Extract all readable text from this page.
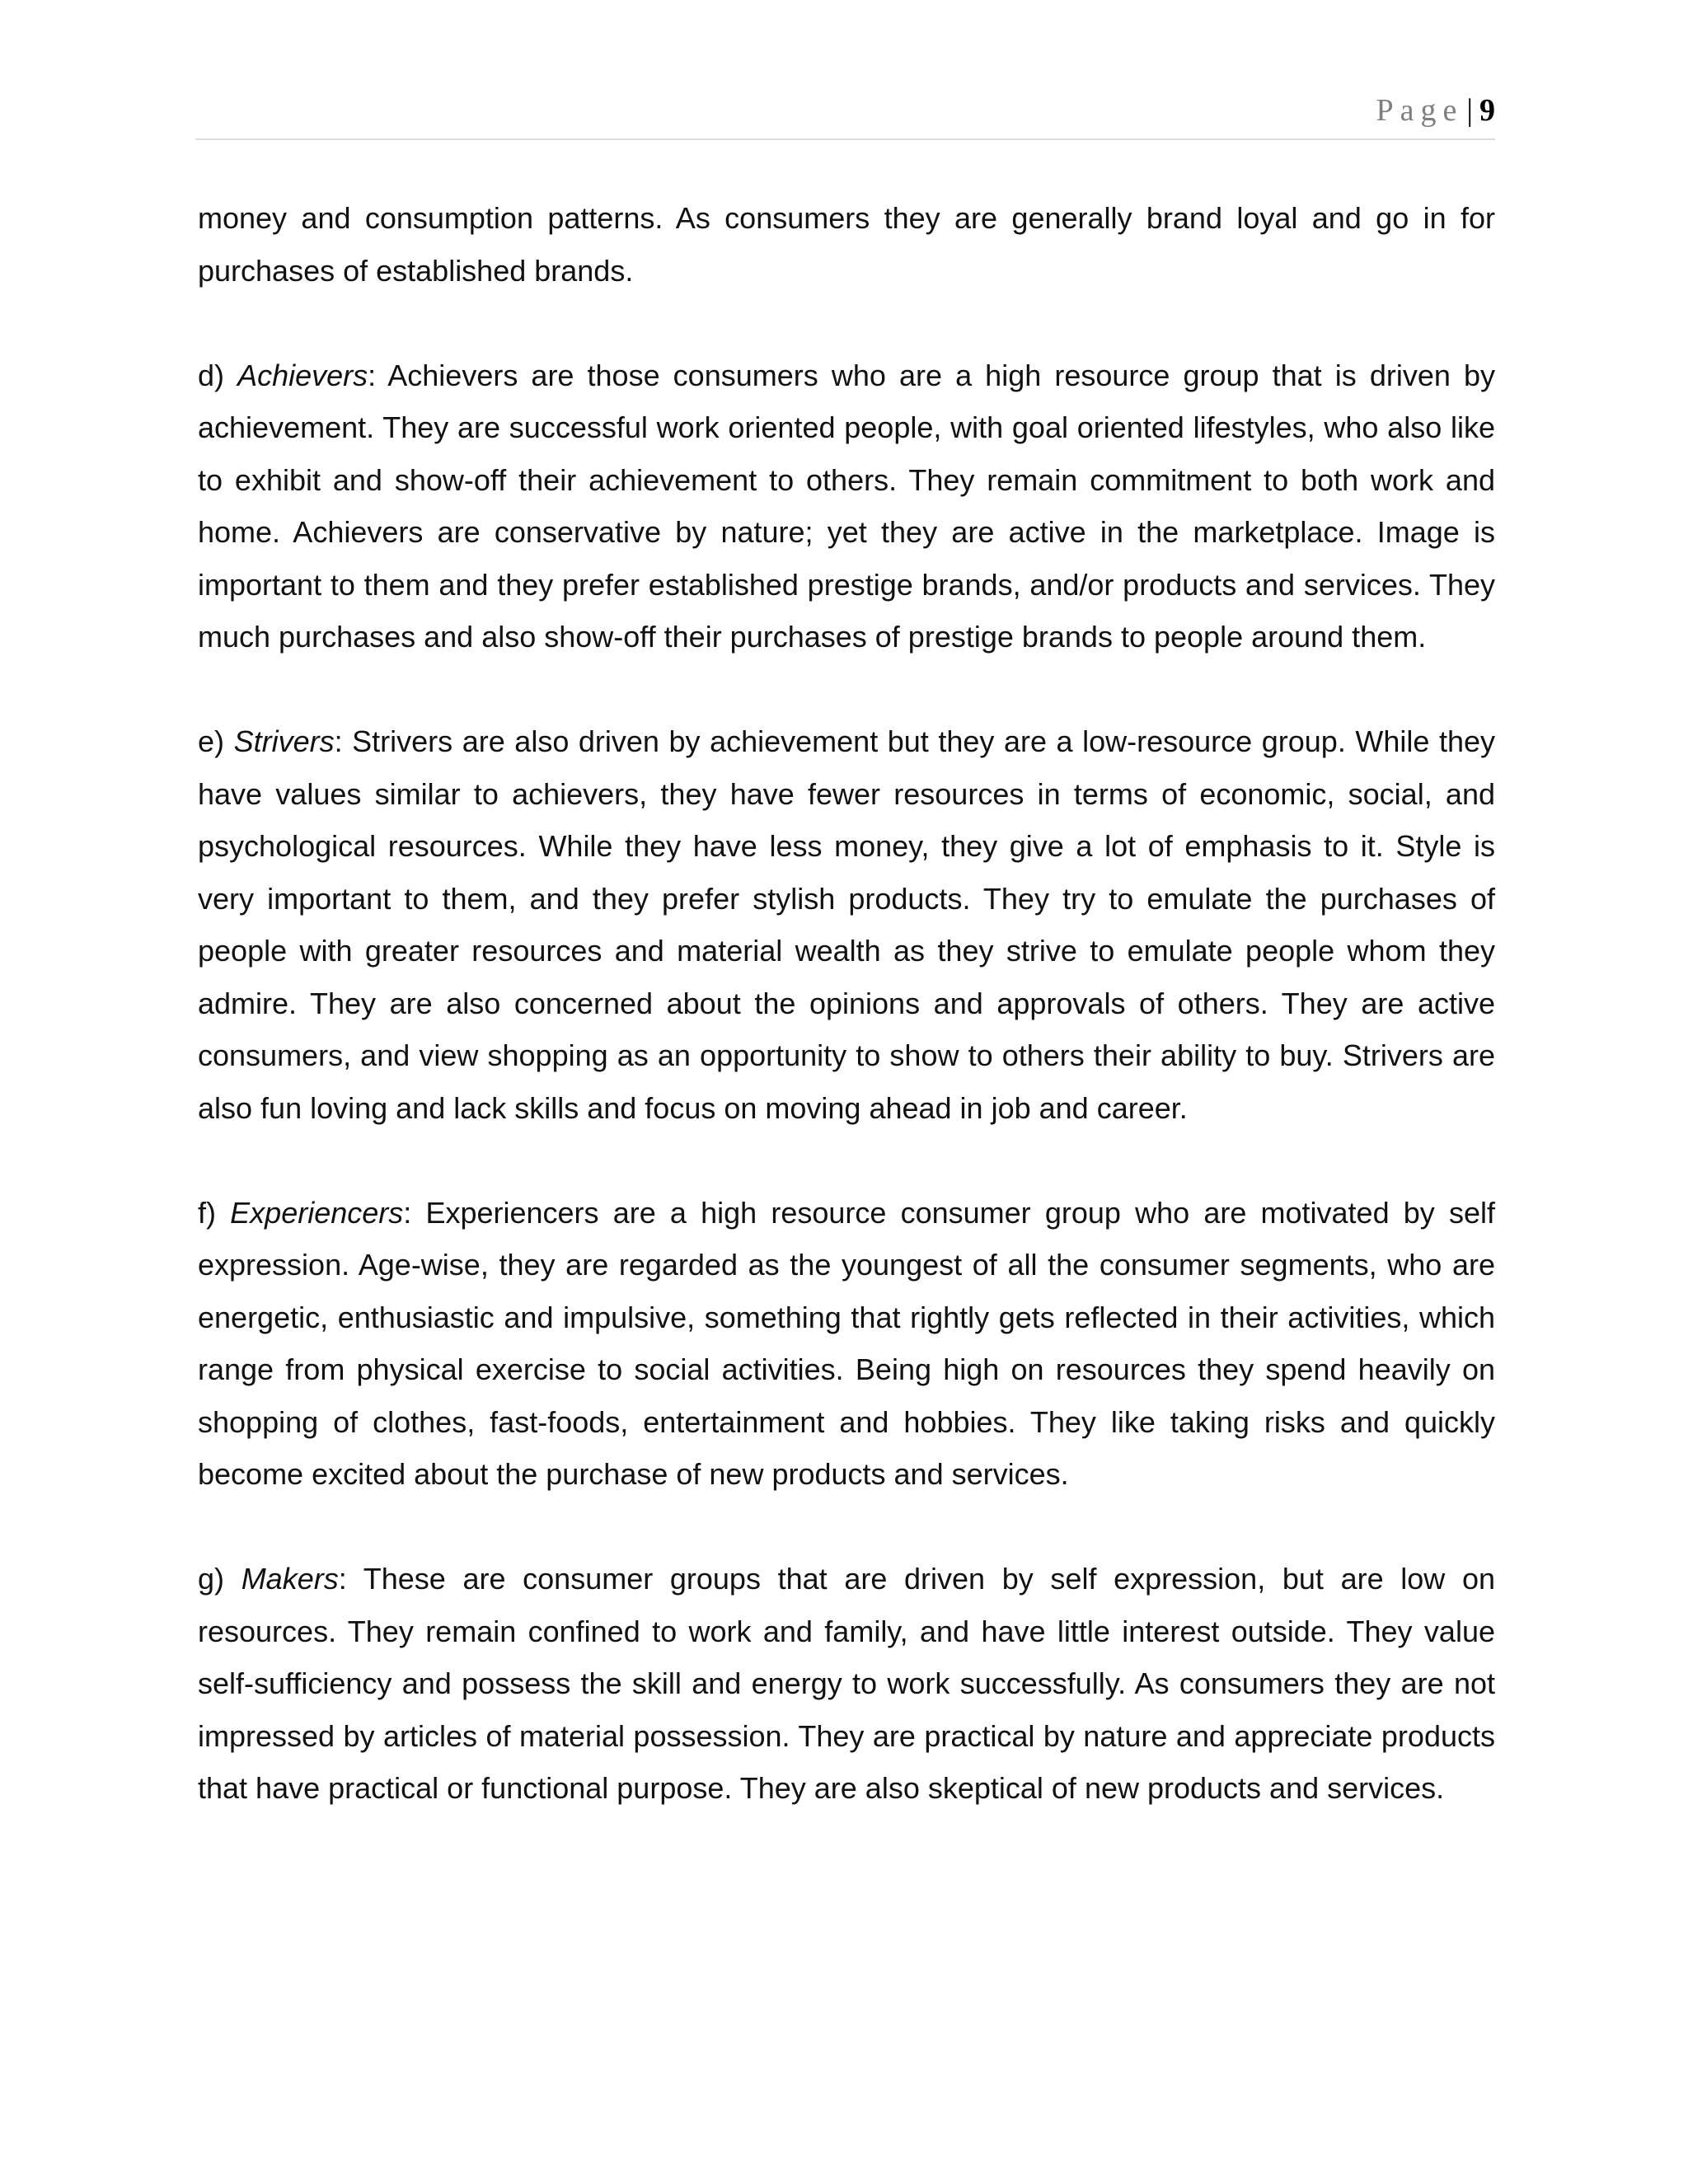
Page | 9

money and consumption patterns. As consumers they are generally brand loyal and go in for purchases of established brands.

d) Achievers: Achievers are those consumers who are a high resource group that is driven by achievement. They are successful work oriented people, with goal oriented lifestyles, who also like to exhibit and show-off their achievement to others. They remain commitment to both work and home. Achievers are conservative by nature; yet they are active in the marketplace. Image is important to them and they prefer established prestige brands, and/or products and services. They much purchases and also show-off their purchases of prestige brands to people around them.

e) Strivers: Strivers are also driven by achievement but they are a low-resource group. While they have values similar to achievers, they have fewer resources in terms of economic, social, and psychological resources. While they have less money, they give a lot of emphasis to it. Style is very important to them, and they prefer stylish products. They try to emulate the purchases of people with greater resources and material wealth as they strive to emulate people whom they admire. They are also concerned about the opinions and approvals of others. They are active consumers, and view shopping as an opportunity to show to others their ability to buy. Strivers are also fun loving and lack skills and focus on moving ahead in job and career.

f) Experiencers: Experiencers are a high resource consumer group who are motivated by self expression. Age-wise, they are regarded as the youngest of all the consumer segments, who are energetic, enthusiastic and impulsive, something that rightly gets reflected in their activities, which range from physical exercise to social activities. Being high on resources they spend heavily on shopping of clothes, fast-foods, entertainment and hobbies. They like taking risks and quickly become excited about the purchase of new products and services.

g) Makers: These are consumer groups that are driven by self expression, but are low on resources. They remain confined to work and family, and have little interest outside. They value self-sufficiency and possess the skill and energy to work successfully. As consumers they are not impressed by articles of material possession. They are practical by nature and appreciate products that have practical or functional purpose. They are also skeptical of new products and services.
